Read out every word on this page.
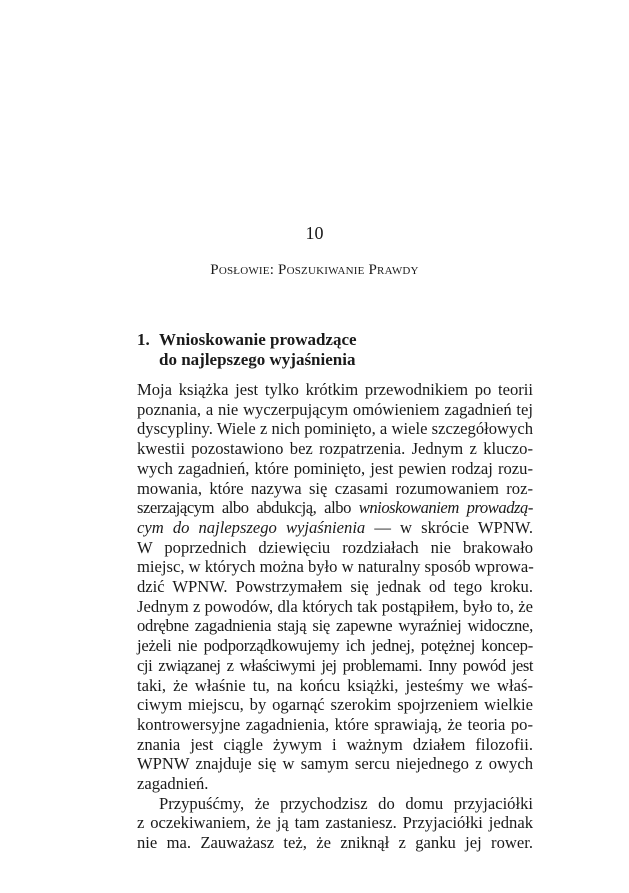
10
Posłowie: Poszukiwanie Prawdy
1. Wnioskowanie prowadzące
do najlepszego wyjaśnienia
Moja książka jest tylko krótkim przewodnikiem po teorii
poznania, a nie wyczerpującym omówieniem zagadnień tej
dyscypliny. Wiele z nich pominięto, a wiele szczegółowych
kwestii pozostawiono bez rozpatrzenia. Jednym z kluczo-
wych zagadnień, które pominięto, jest pewien rodzaj rozu-
mowania, które nazywa się czasami rozumowaniem roz-
szerzającym albo abdukcją, albo wnioskowaniem prowadzą-
cym do najlepszego wyjaśnienia — w skrócie WPNW.
W poprzednich dziewięciu rozdziałach nie brakowało
miejsc, w których można było w naturalny sposób wprowa-
dzić WPNW. Powstrzymałem się jednak od tego kroku.
Jednym z powodów, dla których tak postąpiłem, było to, że
odrębne zagadnienia stają się zapewne wyraźniej widoczne,
jeżeli nie podporządkowujemy ich jednej, potężnej koncep-
cji związanej z właściwymi jej problemami. Inny powód jest
taki, że właśnie tu, na końcu książki, jesteśmy we właś-
ciwym miejscu, by ogarnąć szerokim spojrzeniem wielkie
kontrowersyjne zagadnienia, które sprawiają, że teoria po-
znania jest ciągle żywym i ważnym działem filozofii.
WPNW znajduje się w samym sercu niejednego z owych
zagadnień.
Przypuśćmy, że przychodzisz do domu przyjaciółki
z oczekiwaniem, że ją tam zastaniesz. Przyjaciółki jednak
nie ma. Zauważasz też, że zniknął z ganku jej rower.
